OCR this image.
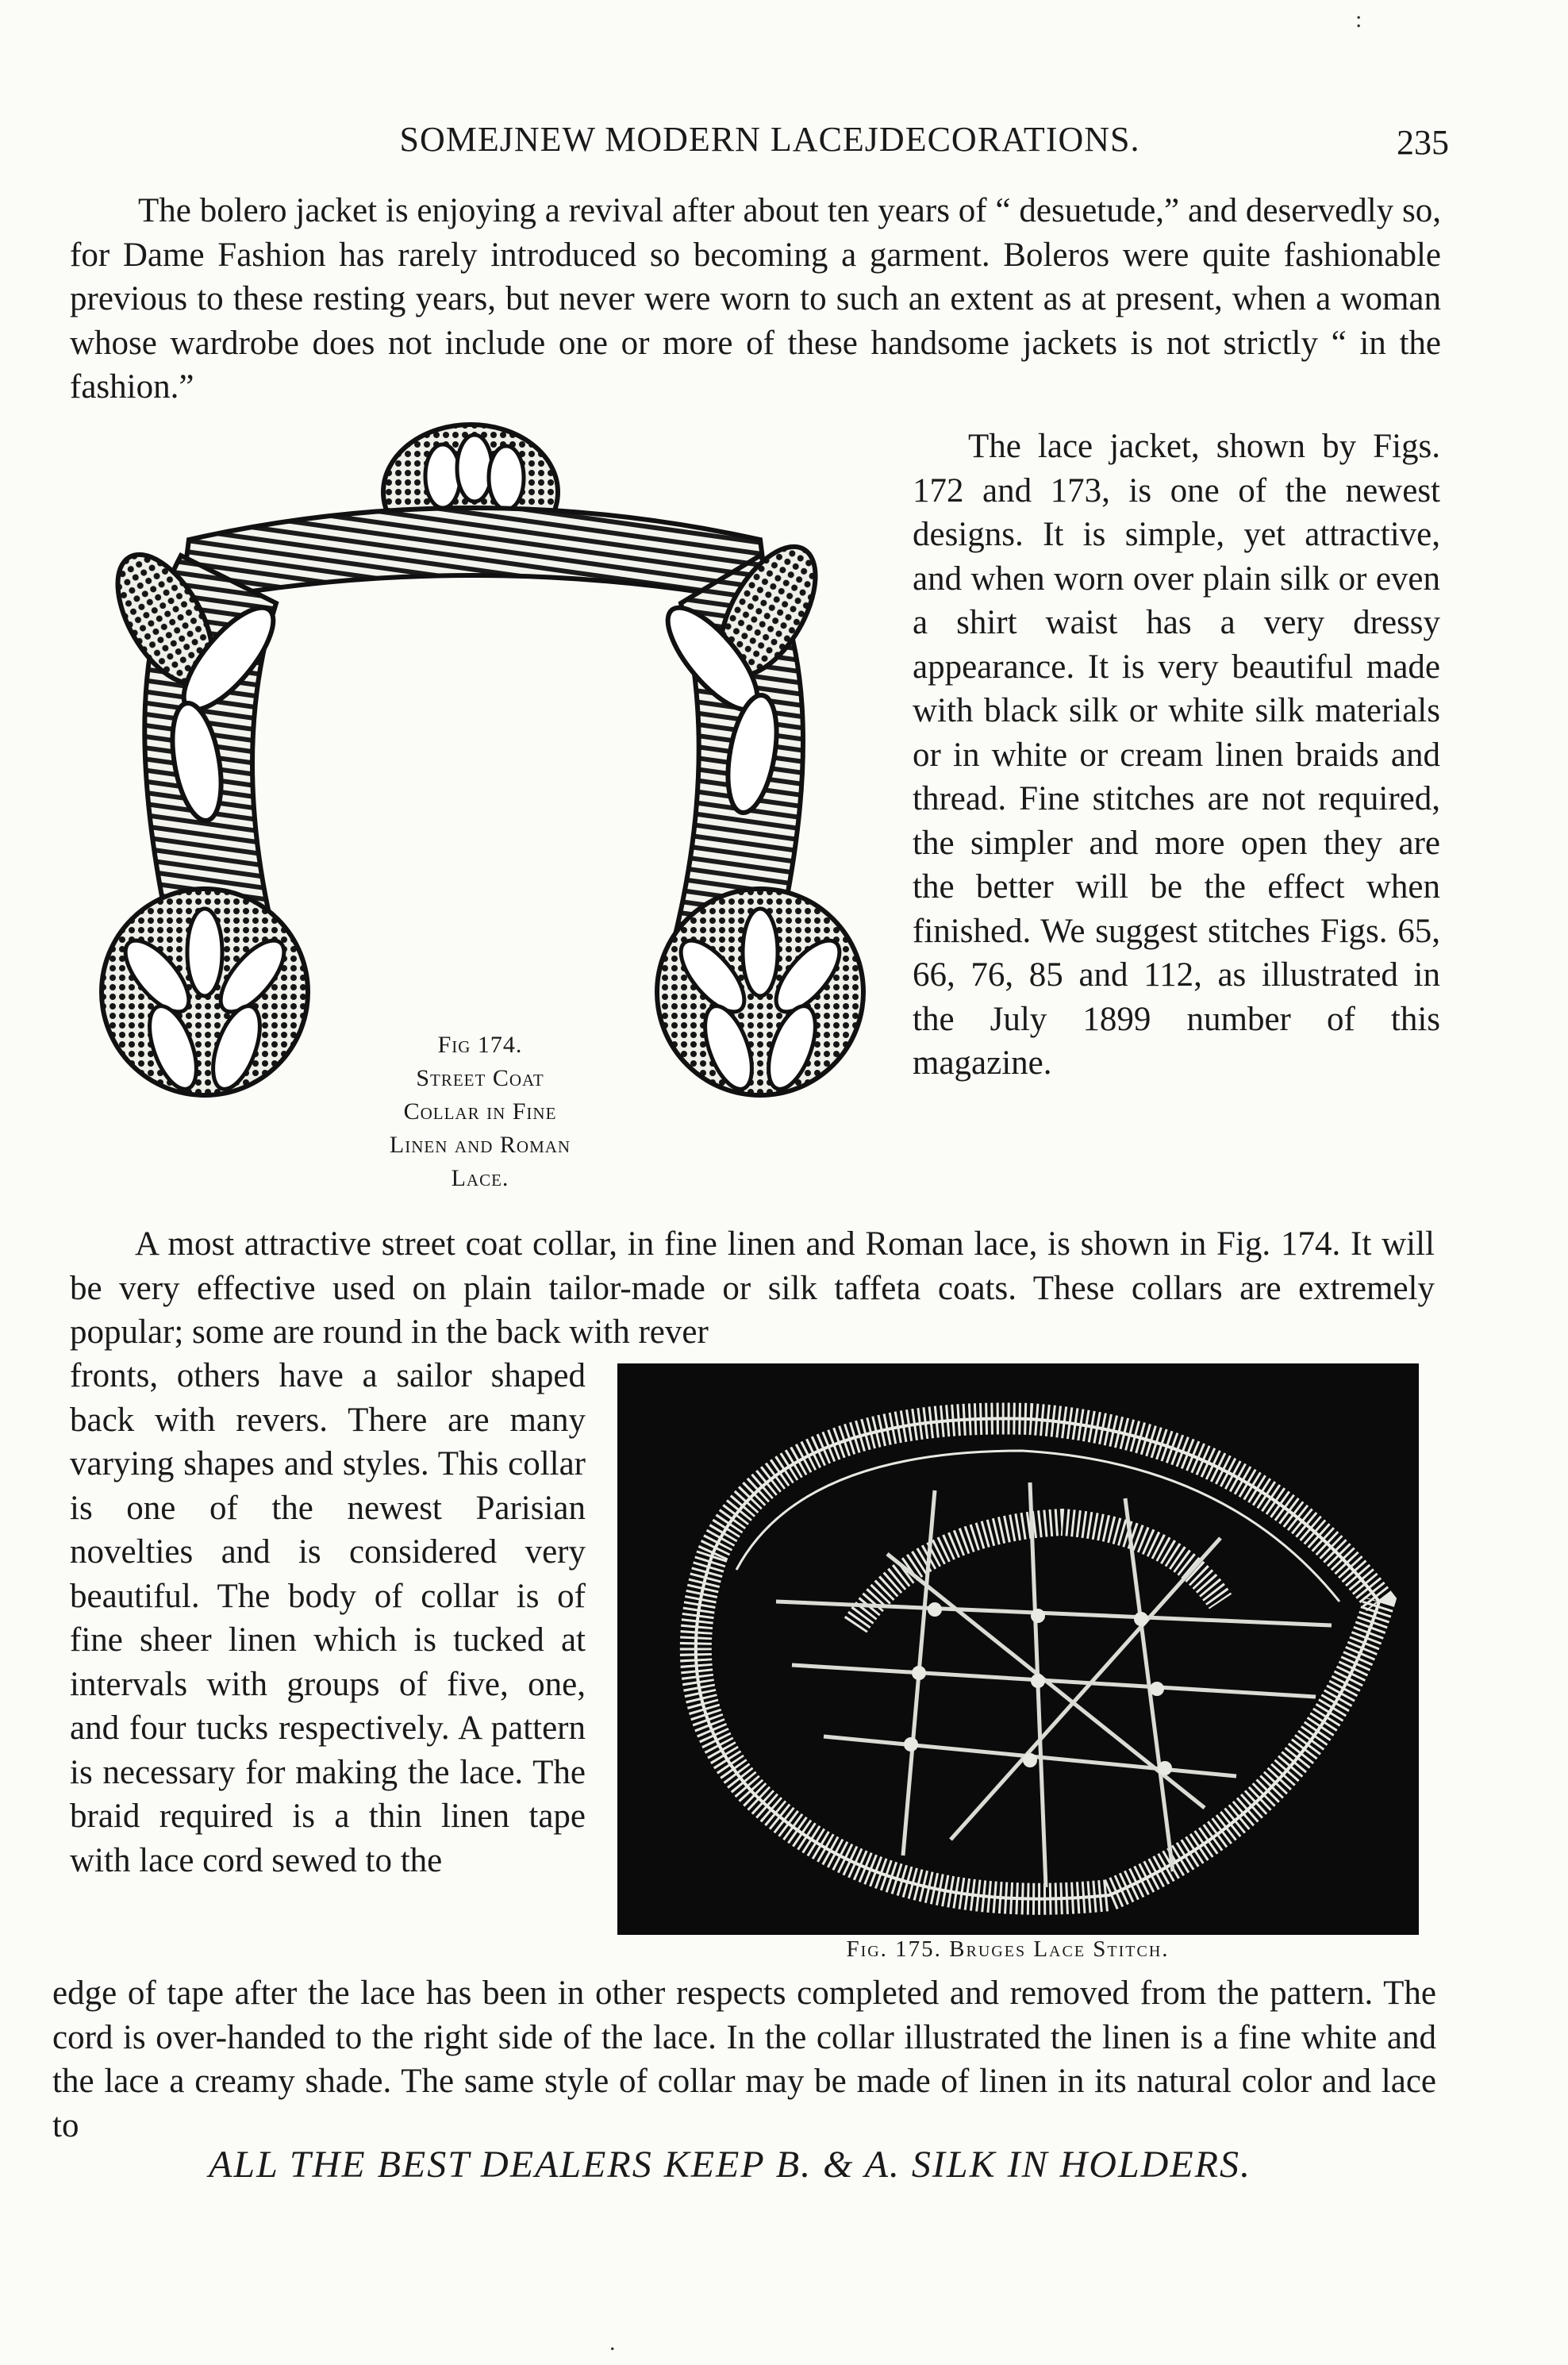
:
SOMEJNEW MODERN LACEJDECORATIONS.	235

The bolero jacket is enjoying a revival after about ten years of “ desuetude,” and deservedly so, for Dame Fashion has rarely introduced so becoming a garment. Boleros were quite fashionable previous to these resting years, but never were worn to such an extent as at present, when a woman whose wardrobe does not include one or more of these handsome jackets is not strictly “ in the fashion.”

Fig 174.
Street Coat
Collar in Fine
Linen and Roman
Lace.

The lace jacket, shown by Figs. 172 and 173, is one of the newest designs. It is simple, yet attractive, and when worn over plain silk or even a shirt waist has a very dressy appearance. It is very beautiful made with black silk or white silk materials or in white or cream linen braids and thread. Fine stitches are not required, the simpler and more open they are the better will be the effect when finished. We suggest stitches Figs. 65, 66, 76, 85 and 112, as illustrated in the July 1899 number of this magazine.

A most attractive street coat collar, in fine linen and Roman lace, is shown in Fig. 174. It will be very effective used on plain tailor-made or silk taffeta coats. These collars are extremely popular; some are round in the back with rever

fronts, others have a sailor shaped back with revers. There are many varying shapes and styles. This collar is one of the newest Parisian novelties and is considered very beautiful. The body of collar is of fine sheer linen which is tucked at intervals with groups of five, one, and four tucks respectively. A pattern is necessary for making the lace. The braid required is a thin linen tape with lace cord sewed to the

Fig. 175. Bruges Lace Stitch.

edge of tape after the lace has been in other respects completed and removed from the pattern. The cord is over-handed to the right side of the lace. In the collar illustrated the linen is a fine white and the lace a creamy shade. The same style of collar may be made of linen in its natural color and lace to

ALL THE BEST DEALERS KEEP B. & A. SILK IN HOLDERS.
.
